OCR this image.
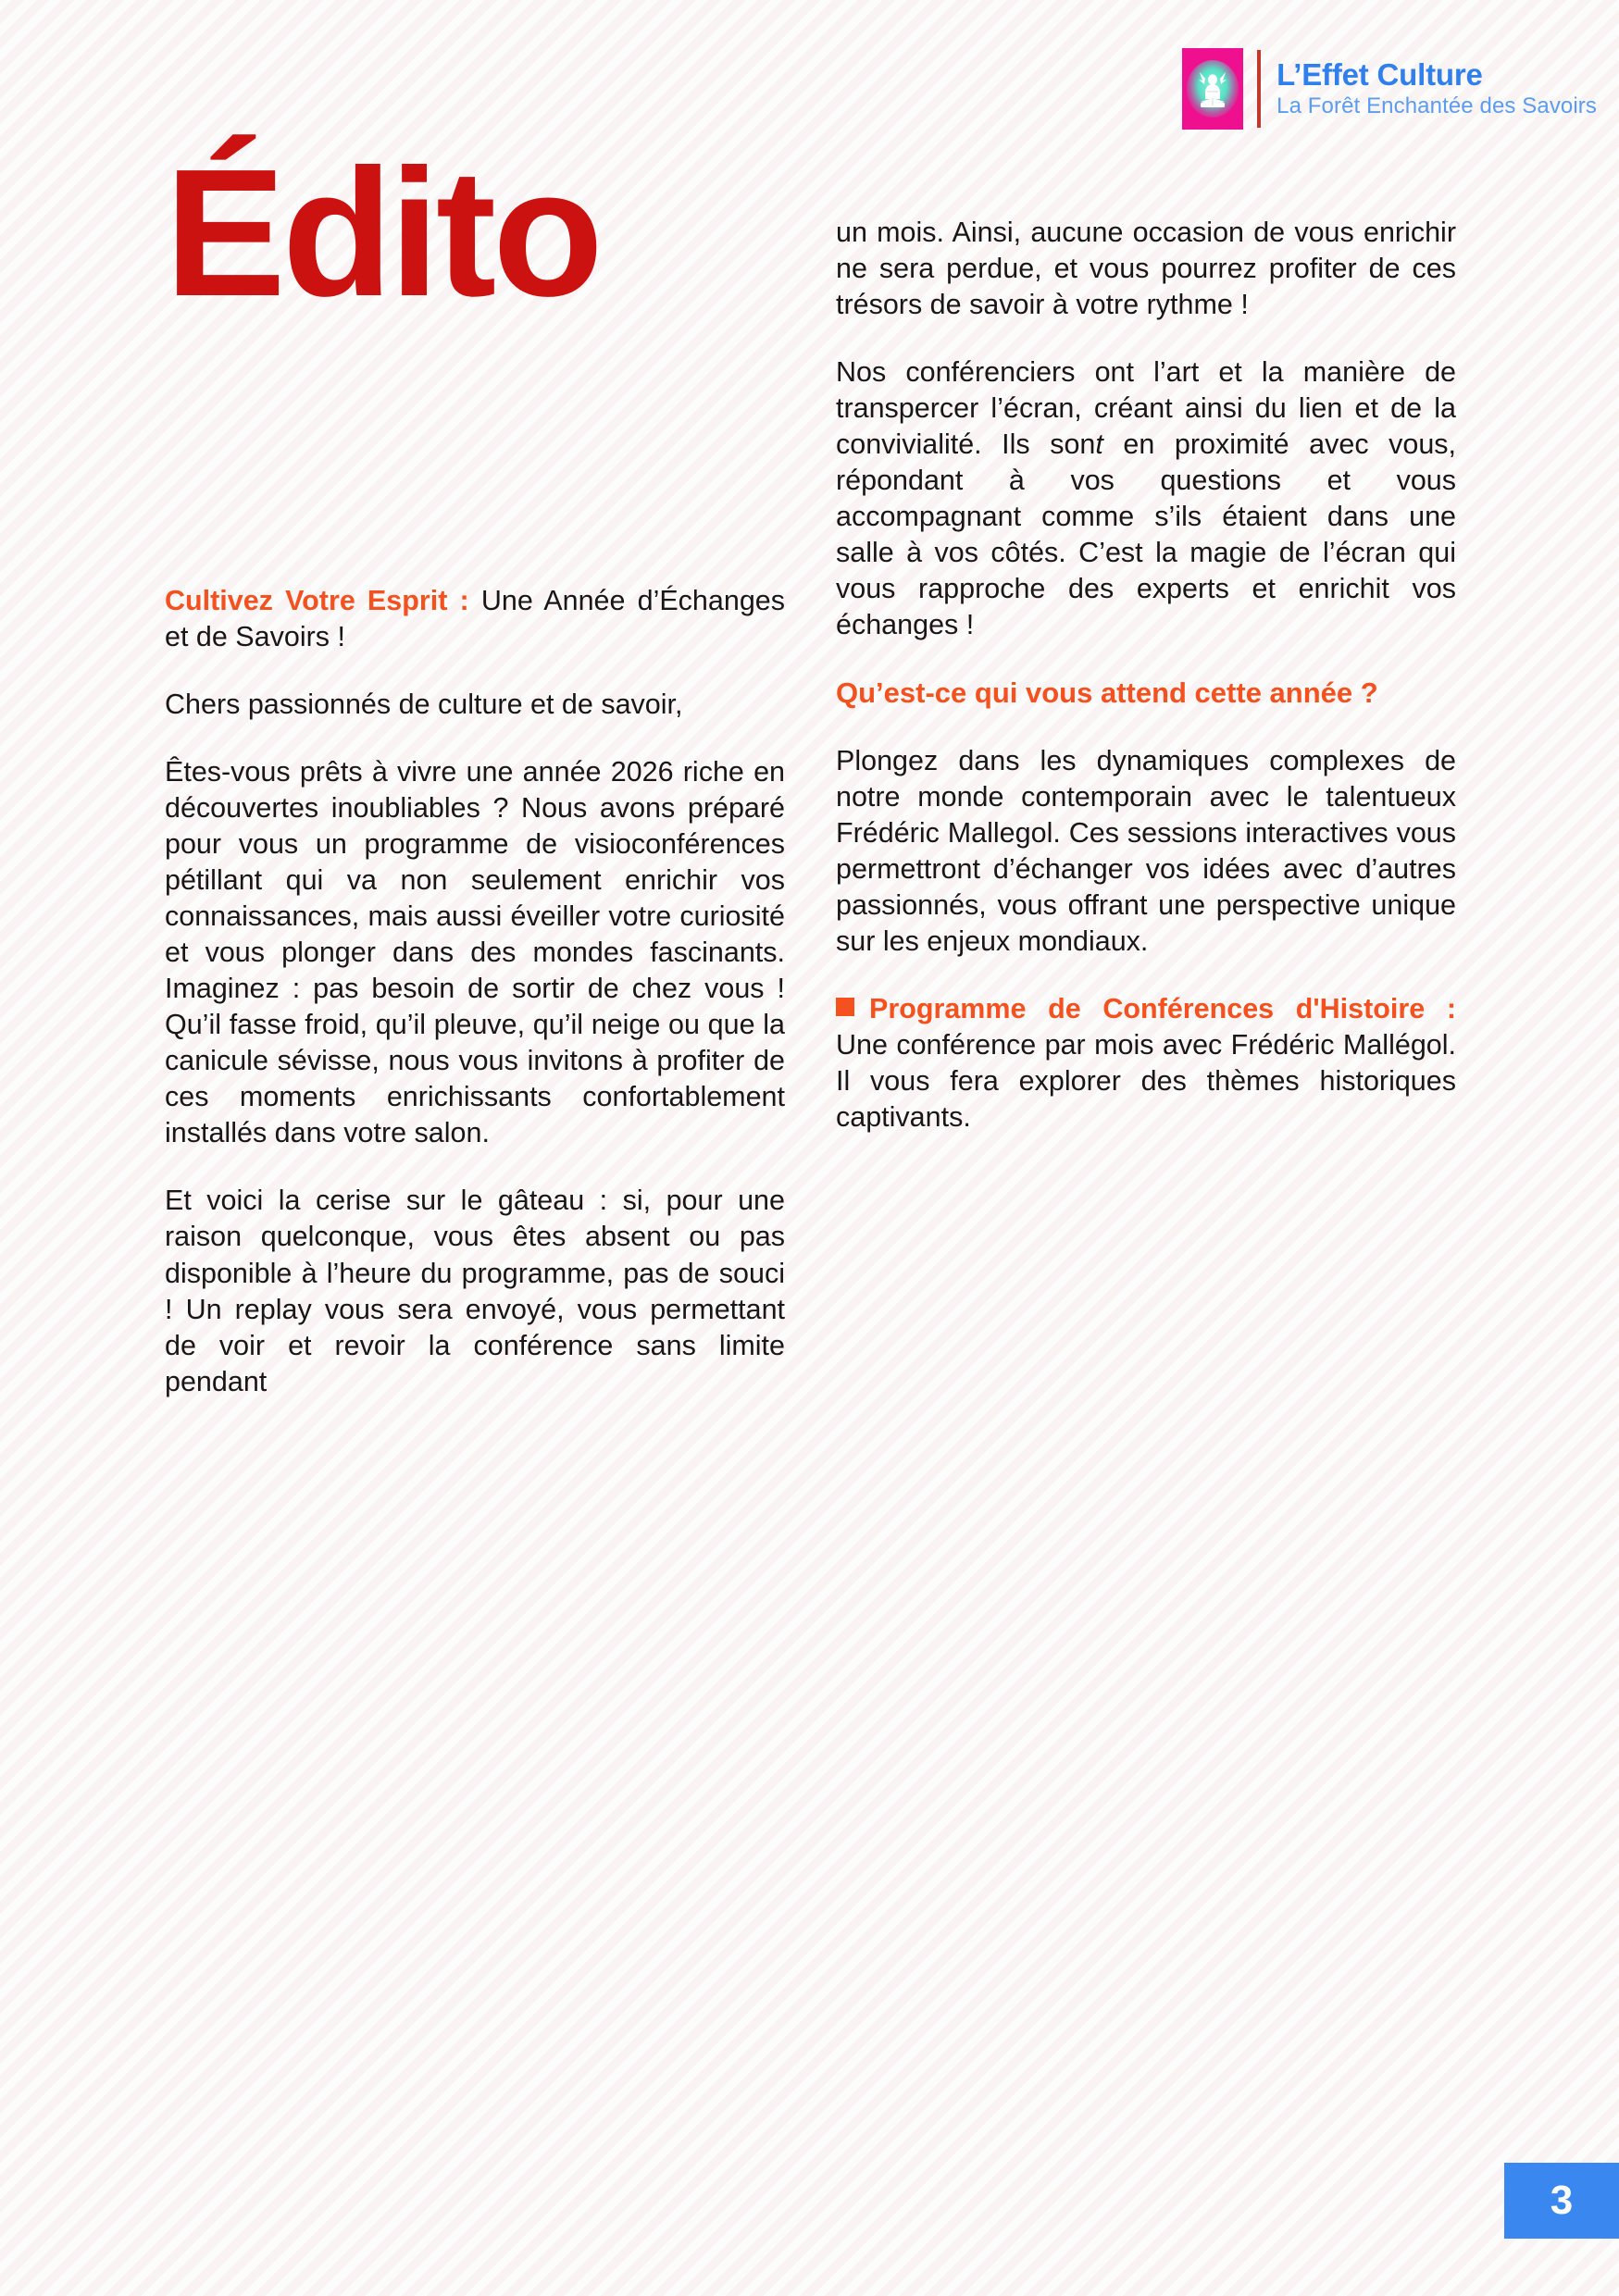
L’Effet Culture
La Forêt Enchantée des Savoirs
Édito

Cultivez Votre Esprit : Une Année d’Échanges et de Savoirs !

Chers passionnés de culture et de savoir,

Êtes-vous prêts à vivre une année 2026 riche en découvertes inoubliables ? Nous avons préparé pour vous un programme de visioconférences pétillant qui va non seulement enrichir vos connaissances, mais aussi éveiller votre curiosité et vous plonger dans des mondes fascinants. Imaginez : pas besoin de sortir de chez vous ! Qu’il fasse froid, qu’il pleuve, qu’il neige ou que la canicule sévisse, nous vous invitons à profiter de ces moments enrichissants confortablement installés dans votre salon.

Et voici la cerise sur le gâteau : si, pour une raison quelconque, vous êtes absent ou pas disponible à l’heure du programme, pas de souci ! Un replay vous sera envoyé, vous permettant de voir et revoir la conférence sans limite pendant

un mois. Ainsi, aucune occasion de vous enrichir ne sera perdue, et vous pourrez profiter de ces trésors de savoir à votre rythme !

Nos conférenciers ont l’art et la manière de transpercer l’écran, créant ainsi du lien et de la convivialité. Ils sont en proximité avec vous, répondant à vos questions et vous accompagnant comme s’ils étaient dans une salle à vos côtés. C’est la magie de l’écran qui vous rapproche des experts et enrichit vos échanges !

Qu’est-ce qui vous attend cette année ?

Plongez dans les dynamiques complexes de notre monde contemporain avec le talentueux Frédéric Mallegol. Ces sessions interactives vous permettront d’échanger vos idées avec d’autres passionnés, vous offrant une perspective unique sur les enjeux mondiaux.

Programme de Conférences d'Histoire : Une conférence par mois avec Frédéric Mallégol. Il vous fera explorer des thèmes historiques captivants.

3
